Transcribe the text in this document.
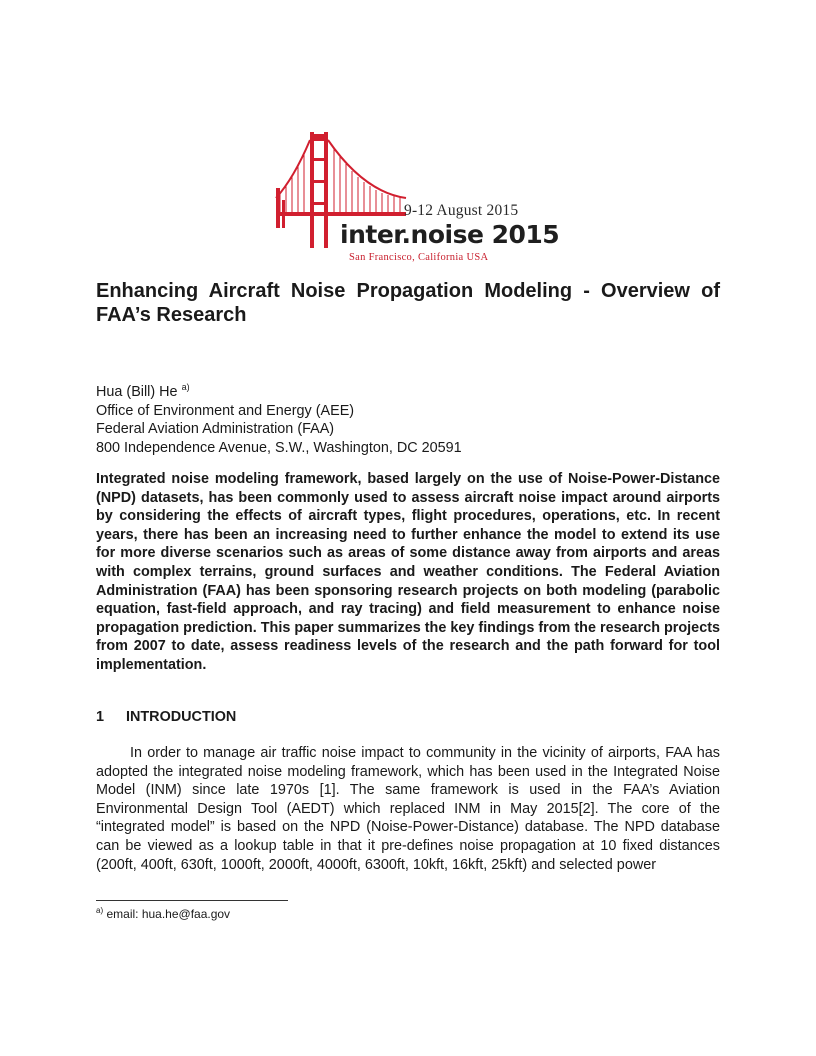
9-12 August 2015
inter.noise 2015
San Francisco, California USA
Enhancing Aircraft Noise Propagation Modeling - Overview of
FAA’s Research
Hua (Bill) He $^{a)}$
Office of Environment and Energy (AEE)
Federal Aviation Administration (FAA)
800 Independence Avenue, S.W., Washington, DC 20591
Integrated noise modeling framework, based largely on the use of Noise-Power-Distance (NPD) datasets, has been commonly used to assess aircraft noise impact around airports by considering the effects of aircraft types, flight procedures, operations, etc. In recent years, there has been an increasing need to further enhance the model to extend its use for more diverse scenarios such as areas of some distance away from airports and areas with complex terrains, ground surfaces and weather conditions. The Federal Aviation Administration (FAA) has been sponsoring research projects on both modeling (parabolic equation, fast-field approach, and ray tracing) and field measurement to enhance noise propagation prediction. This paper summarizes the key findings from the research projects from 2007 to date, assess readiness levels of the research and the path forward for tool implementation.
1 INTRODUCTION
In order to manage air traffic noise impact to community in the vicinity of airports, FAA has adopted the integrated noise modeling framework, which has been used in the Integrated Noise Model (INM) since late 1970s [1]. The same framework is used in the FAA’s Aviation Environmental Design Tool (AEDT) which replaced INM in May 2015[2]. The core of the “integrated model” is based on the NPD (Noise-Power-Distance) database. The NPD database can be viewed as a lookup table in that it pre-defines noise propagation at 10 fixed distances (200ft, 400ft, 630ft, 1000ft, 2000ft, 4000ft, 6300ft, 10kft, 16kft, 25kft) and selected power
$^{a)}$ email: hua.he@faa.gov
